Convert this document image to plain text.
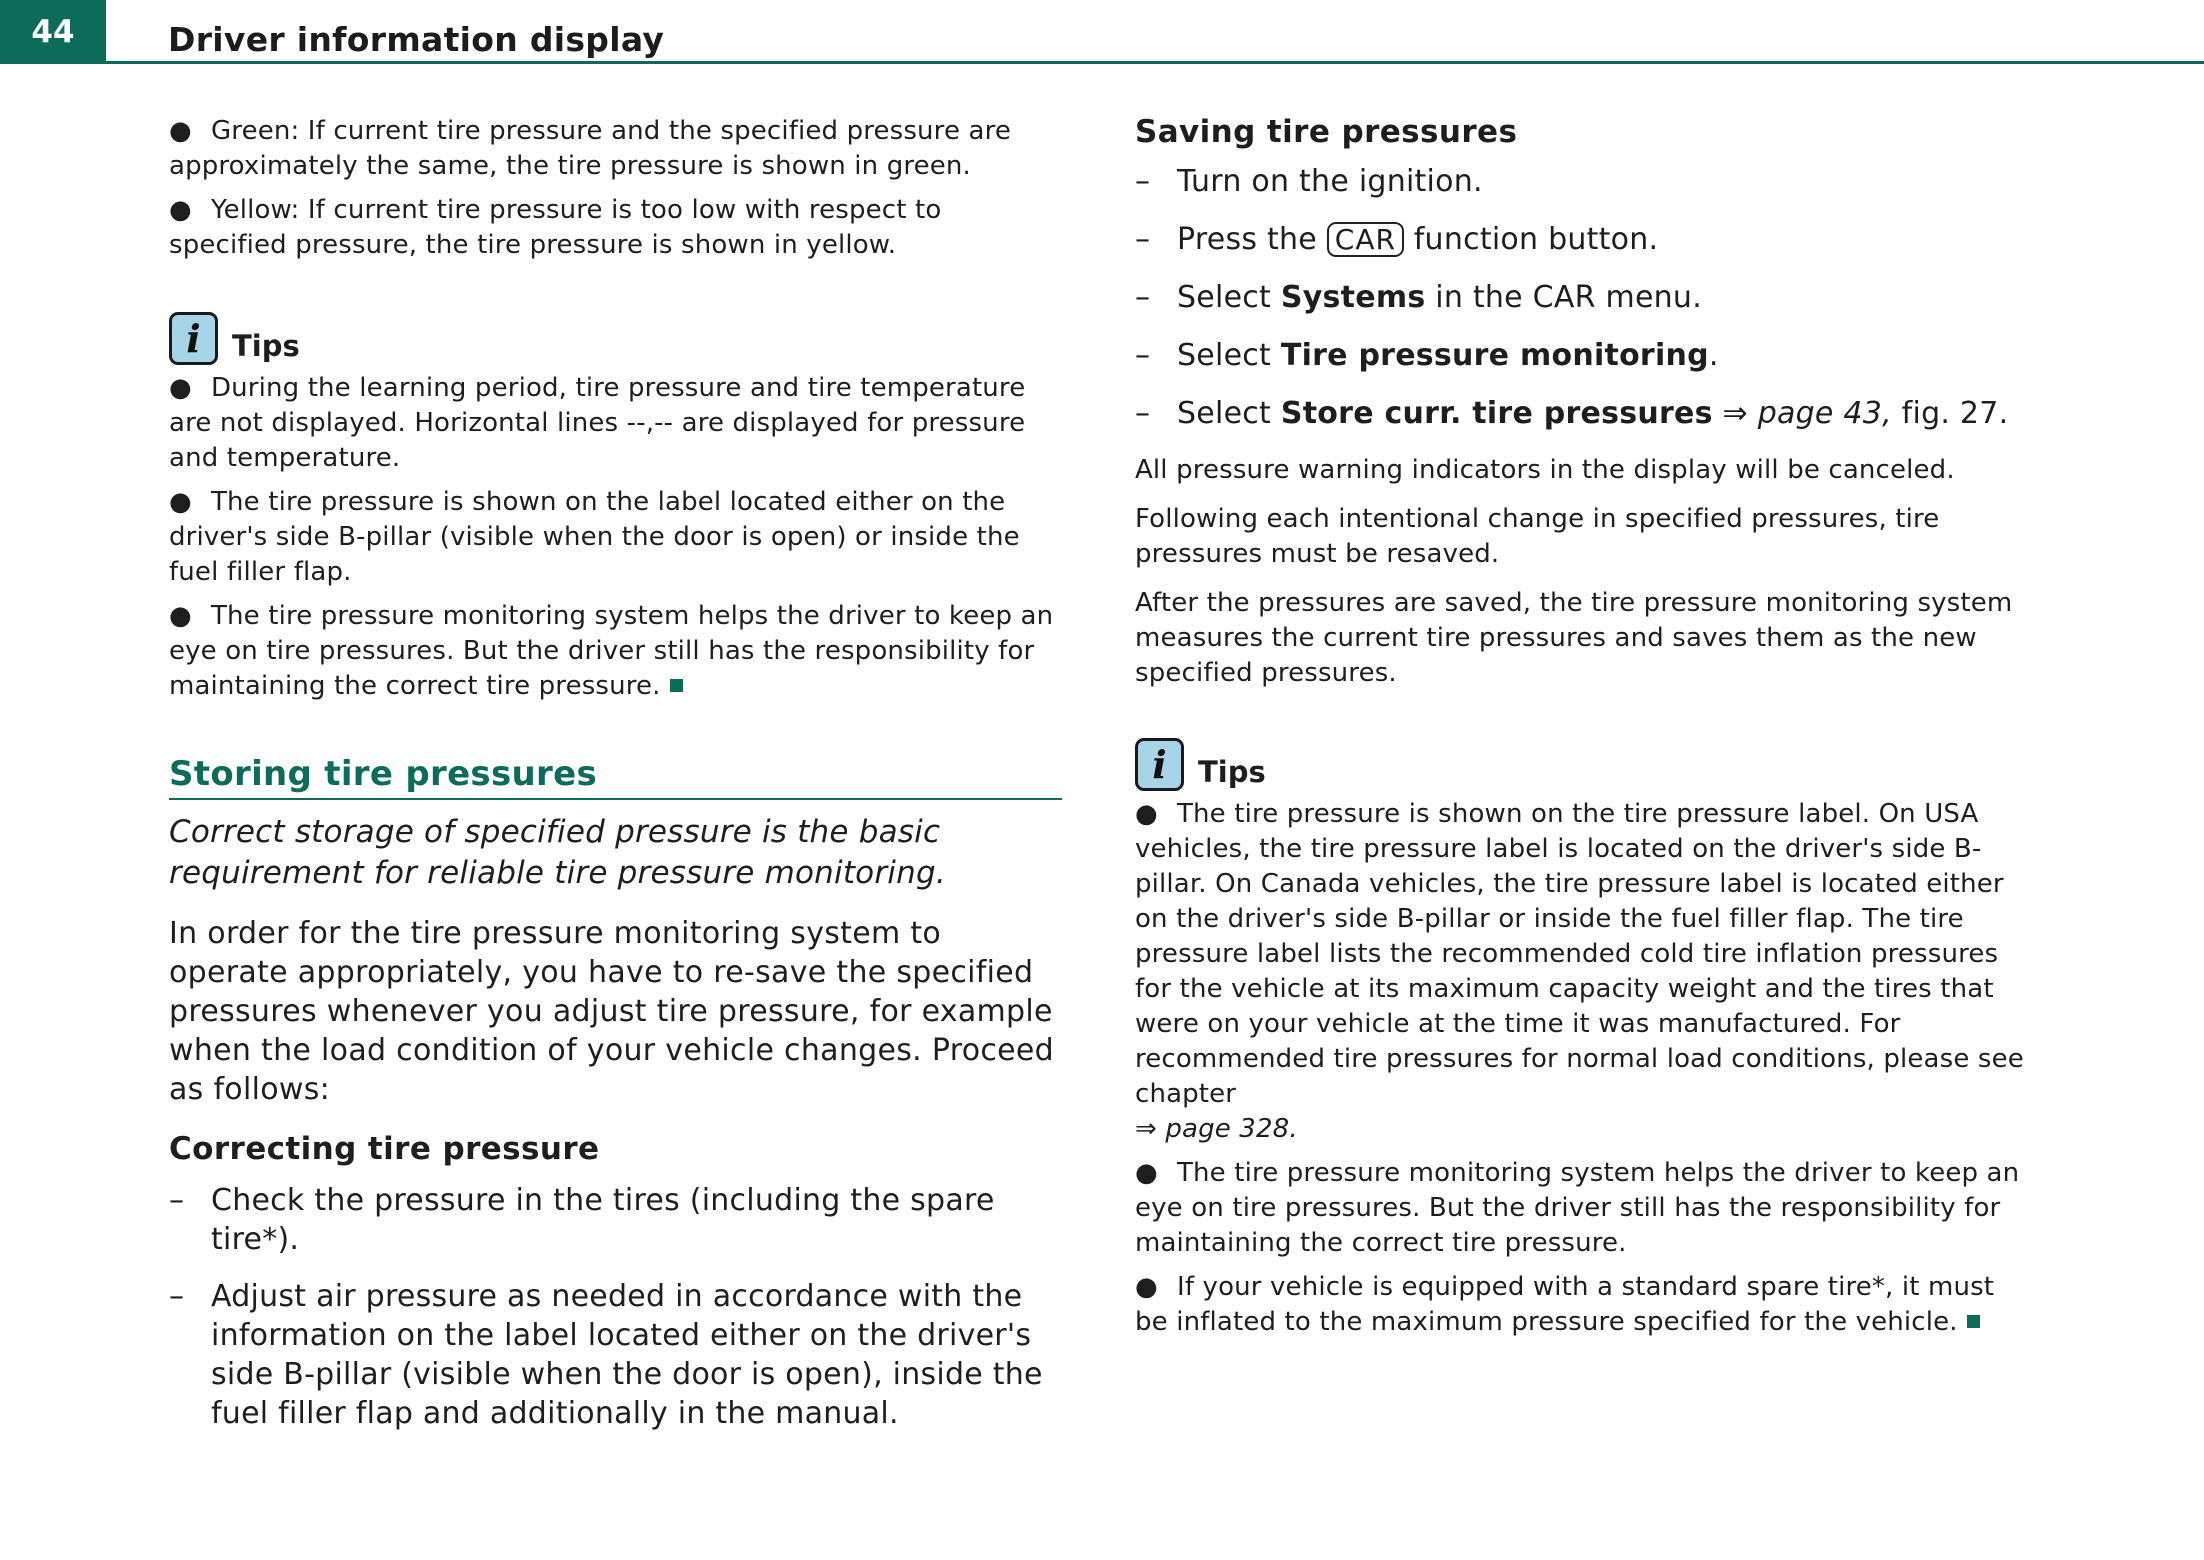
44	Driver information display
● Green: If current tire pressure and the specified pressure are approximately the same, the tire pressure is shown in green.
● Yellow: If current tire pressure is too low with respect to specified pressure, the tire pressure is shown in yellow.
i	Tips
● During the learning period, tire pressure and tire temperature are not displayed. Horizontal lines --,-- are displayed for pressure and temperature.
● The tire pressure is shown on the label located either on the driver's side B-pillar (visible when the door is open) or inside the fuel filler flap.
● The tire pressure monitoring system helps the driver to keep an eye on tire pressures. But the driver still has the responsibility for maintaining the correct tire pressure.
Storing tire pressures
Correct storage of specified pressure is the basic requirement for reliable tire pressure monitoring.
In order for the tire pressure monitoring system to operate appropriately, you have to re-save the specified pressures whenever you adjust tire pressure, for example when the load condition of your vehicle changes. Proceed as follows:
Correcting tire pressure
– Check the pressure in the tires (including the spare tire*).
– Adjust air pressure as needed in accordance with the information on the label located either on the driver's side B-pillar (visible when the door is open), inside the fuel filler flap and additionally in the manual.
Saving tire pressures
– Turn on the ignition.
– Press the CAR function button.
– Select Systems in the CAR menu.
– Select Tire pressure monitoring.
– Select Store curr. tire pressures ⇒ page 43, fig. 27.

All pressure warning indicators in the display will be canceled.

Following each intentional change in specified pressures, tire pressures must be resaved.

After the pressures are saved, the tire pressure monitoring system measures the current tire pressures and saves them as the new specified pressures.

i	Tips
● The tire pressure is shown on the tire pressure label. On USA vehicles, the tire pressure label is located on the driver's side B-pillar. On Canada vehicles, the tire pressure label is located either on the driver's side B-pillar or inside the fuel filler flap. The tire pressure label lists the recommended cold tire inflation pressures for the vehicle at its maximum capacity weight and the tires that were on your vehicle at the time it was manufactured. For recommended tire pressures for normal load conditions, please see chapter
⇒ page 328.
● The tire pressure monitoring system helps the driver to keep an eye on tire pressures. But the driver still has the responsibility for maintaining the correct tire pressure.
● If your vehicle is equipped with a standard spare tire*, it must be inflated to the maximum pressure specified for the vehicle.
